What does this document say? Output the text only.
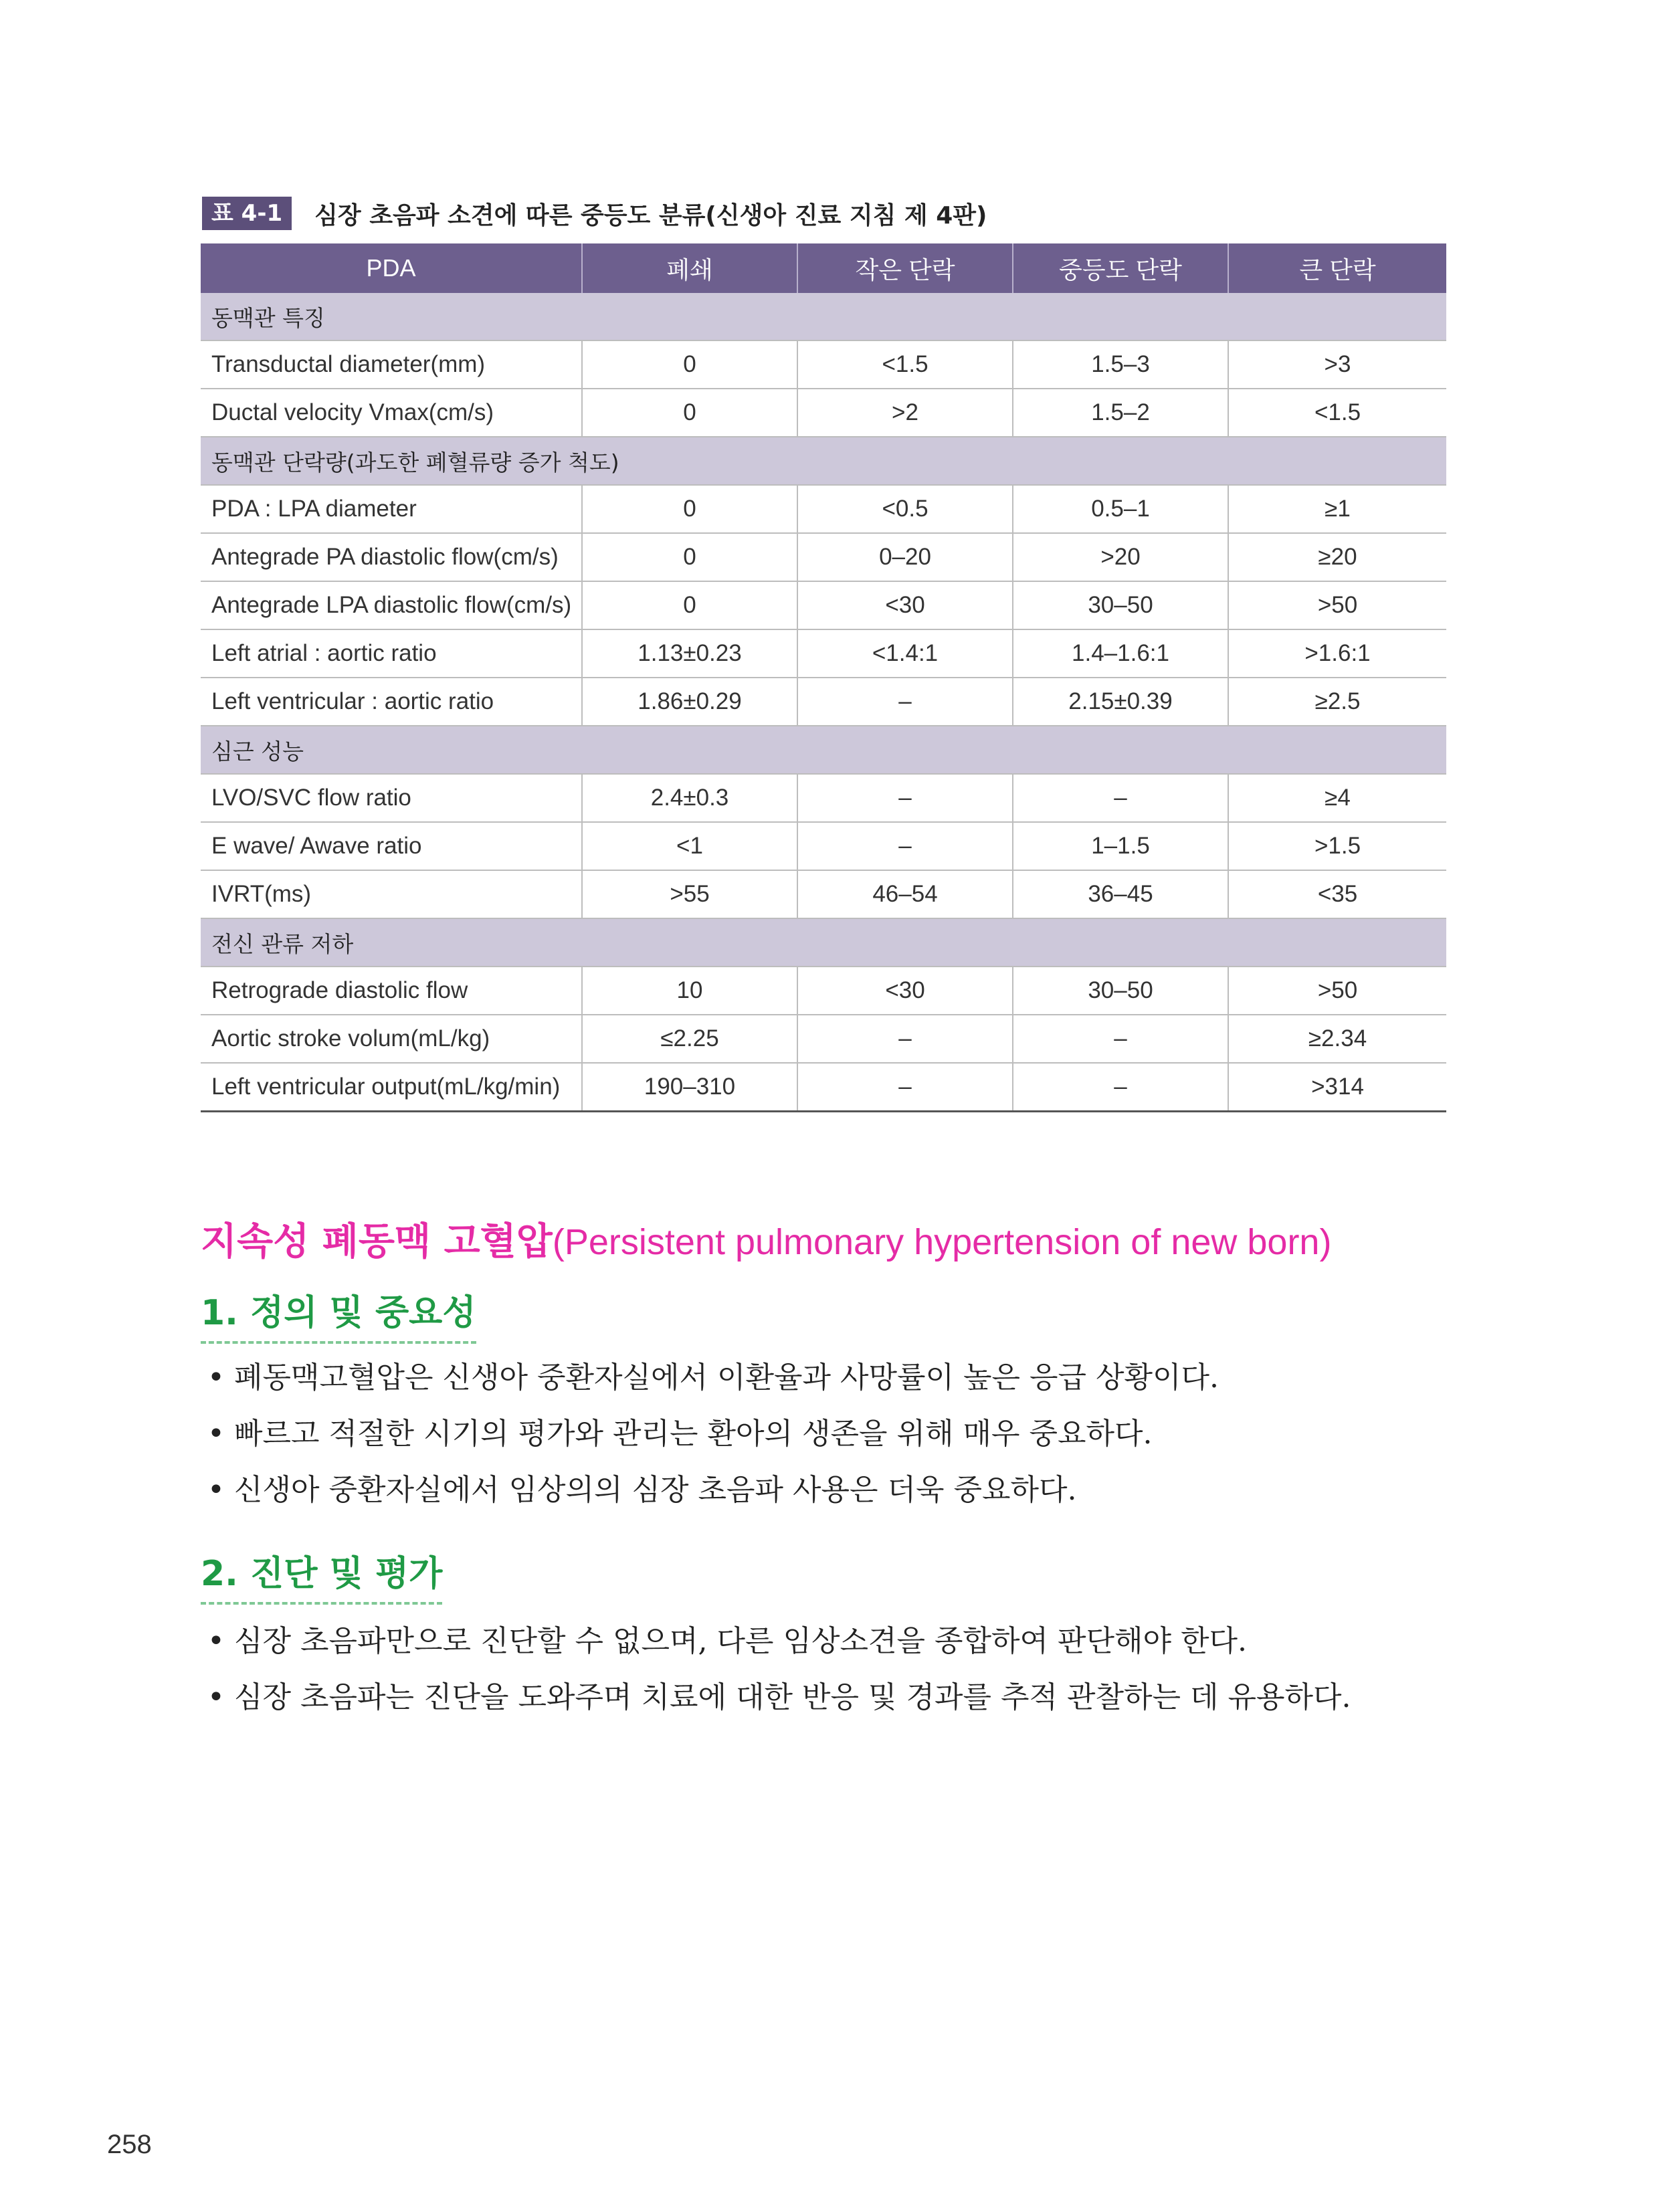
표 4-1	심장 초음파 소견에 따른 중등도 분류(신생아 진료 지침 제 4판)
PDA	폐쇄	작은 단락	중등도 단락	큰 단락
동맥관 특징				
Transductal diameter(mm)	0	<1.5	1.5–3	>3
Ductal velocity Vmax(cm/s)	0	>2	1.5–2	<1.5
동맥관 단락량(과도한 폐혈류량 증가 척도)				
PDA : LPA diameter	0	<0.5	0.5–1	≥1
Antegrade PA diastolic flow(cm/s)	0	0–20	>20	≥20
Antegrade LPA diastolic flow(cm/s)	0	<30	30–50	>50
Left atrial : aortic ratio	1.13±0.23	<1.4:1	1.4–1.6:1	>1.6:1
Left ventricular : aortic ratio	1.86±0.29	–	2.15±0.39	≥2.5
심근 성능				
LVO/SVC flow ratio	2.4±0.3	–	–	≥4
E wave/ Awave ratio	<1	–	1–1.5	>1.5
IVRT(ms)	>55	46–54	36–45	<35
전신 관류 저하				
Retrograde diastolic flow	10	<30	30–50	>50
Aortic stroke volum(mL/kg)	≤2.25	–	–	≥2.34
Left ventricular output(mL/kg/min)	190–310	–	–	>314
지속성 폐동맥 고혈압(Persistent pulmonary hypertension of new born)
1. 정의 및 중요성
• 폐동맥고혈압은 신생아 중환자실에서 이환율과 사망률이 높은 응급 상황이다.
• 빠르고 적절한 시기의 평가와 관리는 환아의 생존을 위해 매우 중요하다.
• 신생아 중환자실에서 임상의의 심장 초음파 사용은 더욱 중요하다.
2. 진단 및 평가
• 심장 초음파만으로 진단할 수 없으며, 다른 임상소견을 종합하여 판단해야 한다.
• 심장 초음파는 진단을 도와주며 치료에 대한 반응 및 경과를 추적 관찰하는 데 유용하다.
258
